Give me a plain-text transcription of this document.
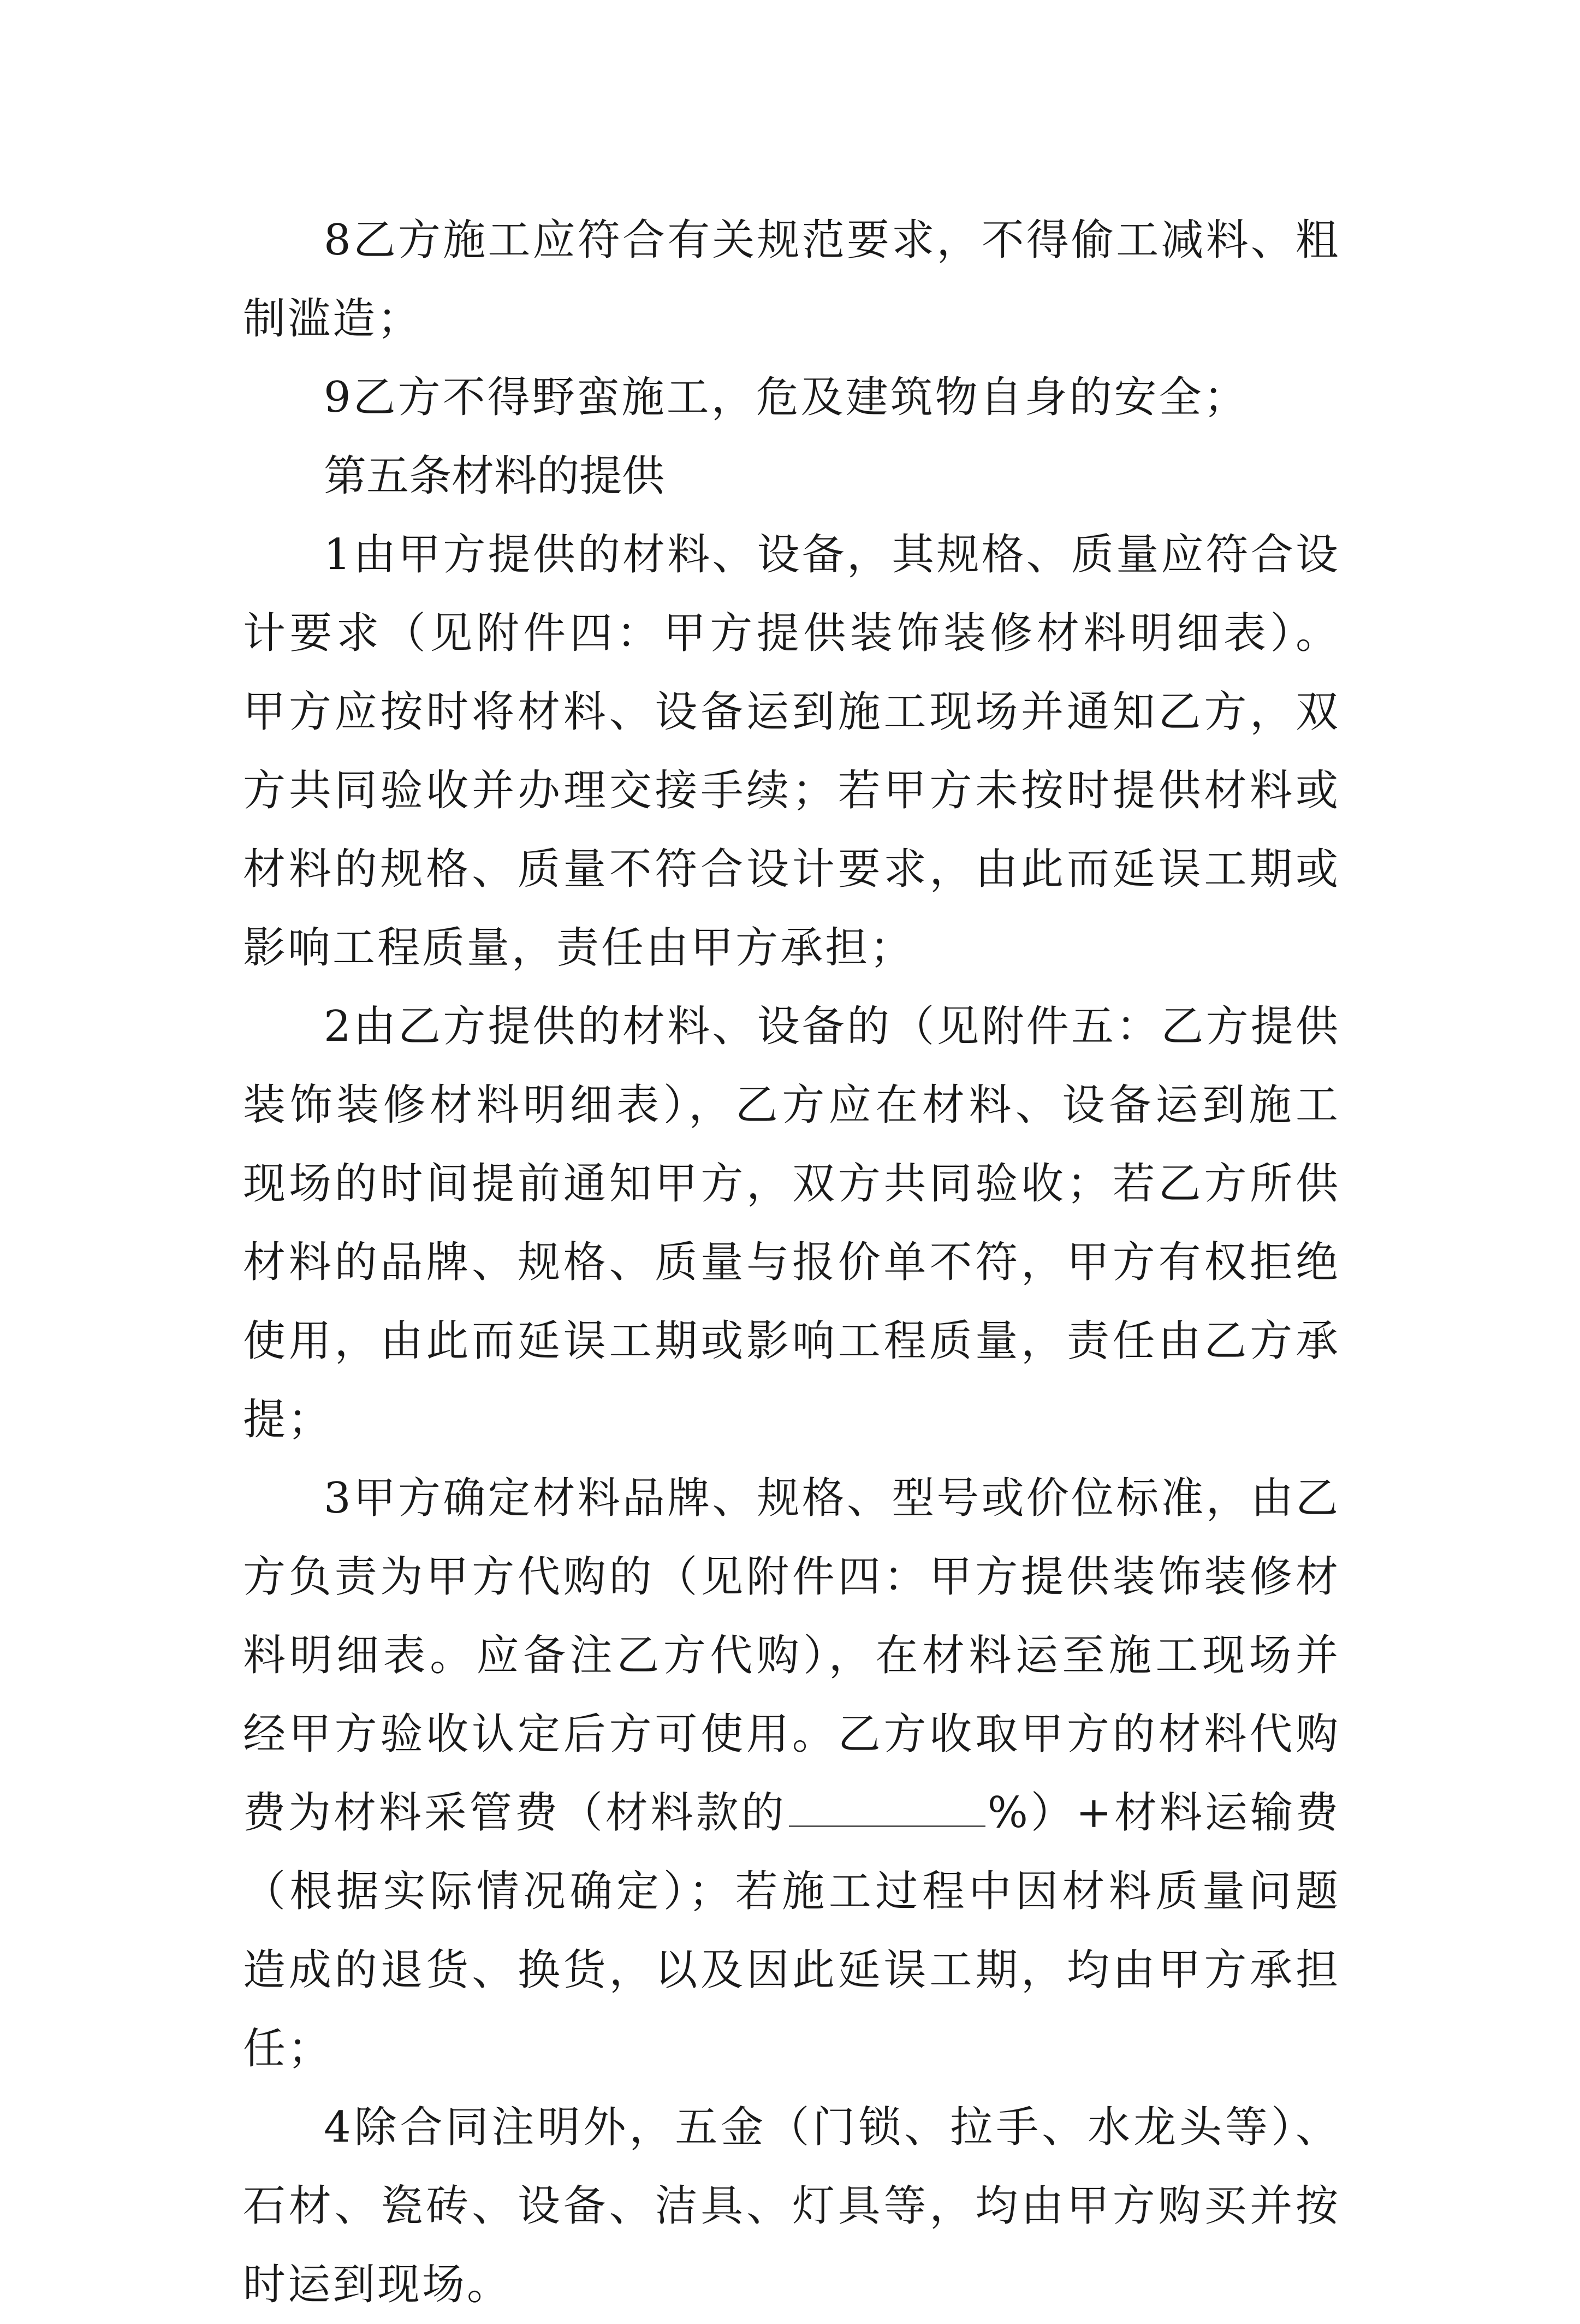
8乙方施工应符合有关规范要求，不得偷工减料、粗制滥造；

9乙方不得野蛮施工，危及建筑物自身的安全；

第五条材料的提供

1由甲方提供的材料、设备，其规格、质量应符合设计要求（见附件四：甲方提供装饰装修材料明细表）。甲方应按时将材料、设备运到施工现场并通知乙方，双方共同验收并办理交接手续；若甲方未按时提供材料或材料的规格、质量不符合设计要求，由此而延误工期或影响工程质量，责任由甲方承担；

2由乙方提供的材料、设备的（见附件五：乙方提供装饰装修材料明细表），乙方应在材料、设备运到施工现场的时间提前通知甲方，双方共同验收；若乙方所供材料的品牌、规格、质量与报价单不符，甲方有权拒绝使用，由此而延误工期或影响工程质量，责任由乙方承提；

3甲方确定材料品牌、规格、型号或价位标准，由乙方负责为甲方代购的（见附件四：甲方提供装饰装修材料明细表。应备注乙方代购），在材料运至施工现场并经甲方验收认定后方可使用。乙方收取甲方的材料代购费为材料采管费（材料款的	%）+材料运输费（根据实际情况确定）；若施工过程中因材料质量问题造成的退货、换货，以及因此延误工期，均由甲方承担任；

4除合同注明外，五金（门锁、拉手、水龙头等）、石材、瓷砖、设备、洁具、灯具等，均由甲方购买并按时运到现场。
